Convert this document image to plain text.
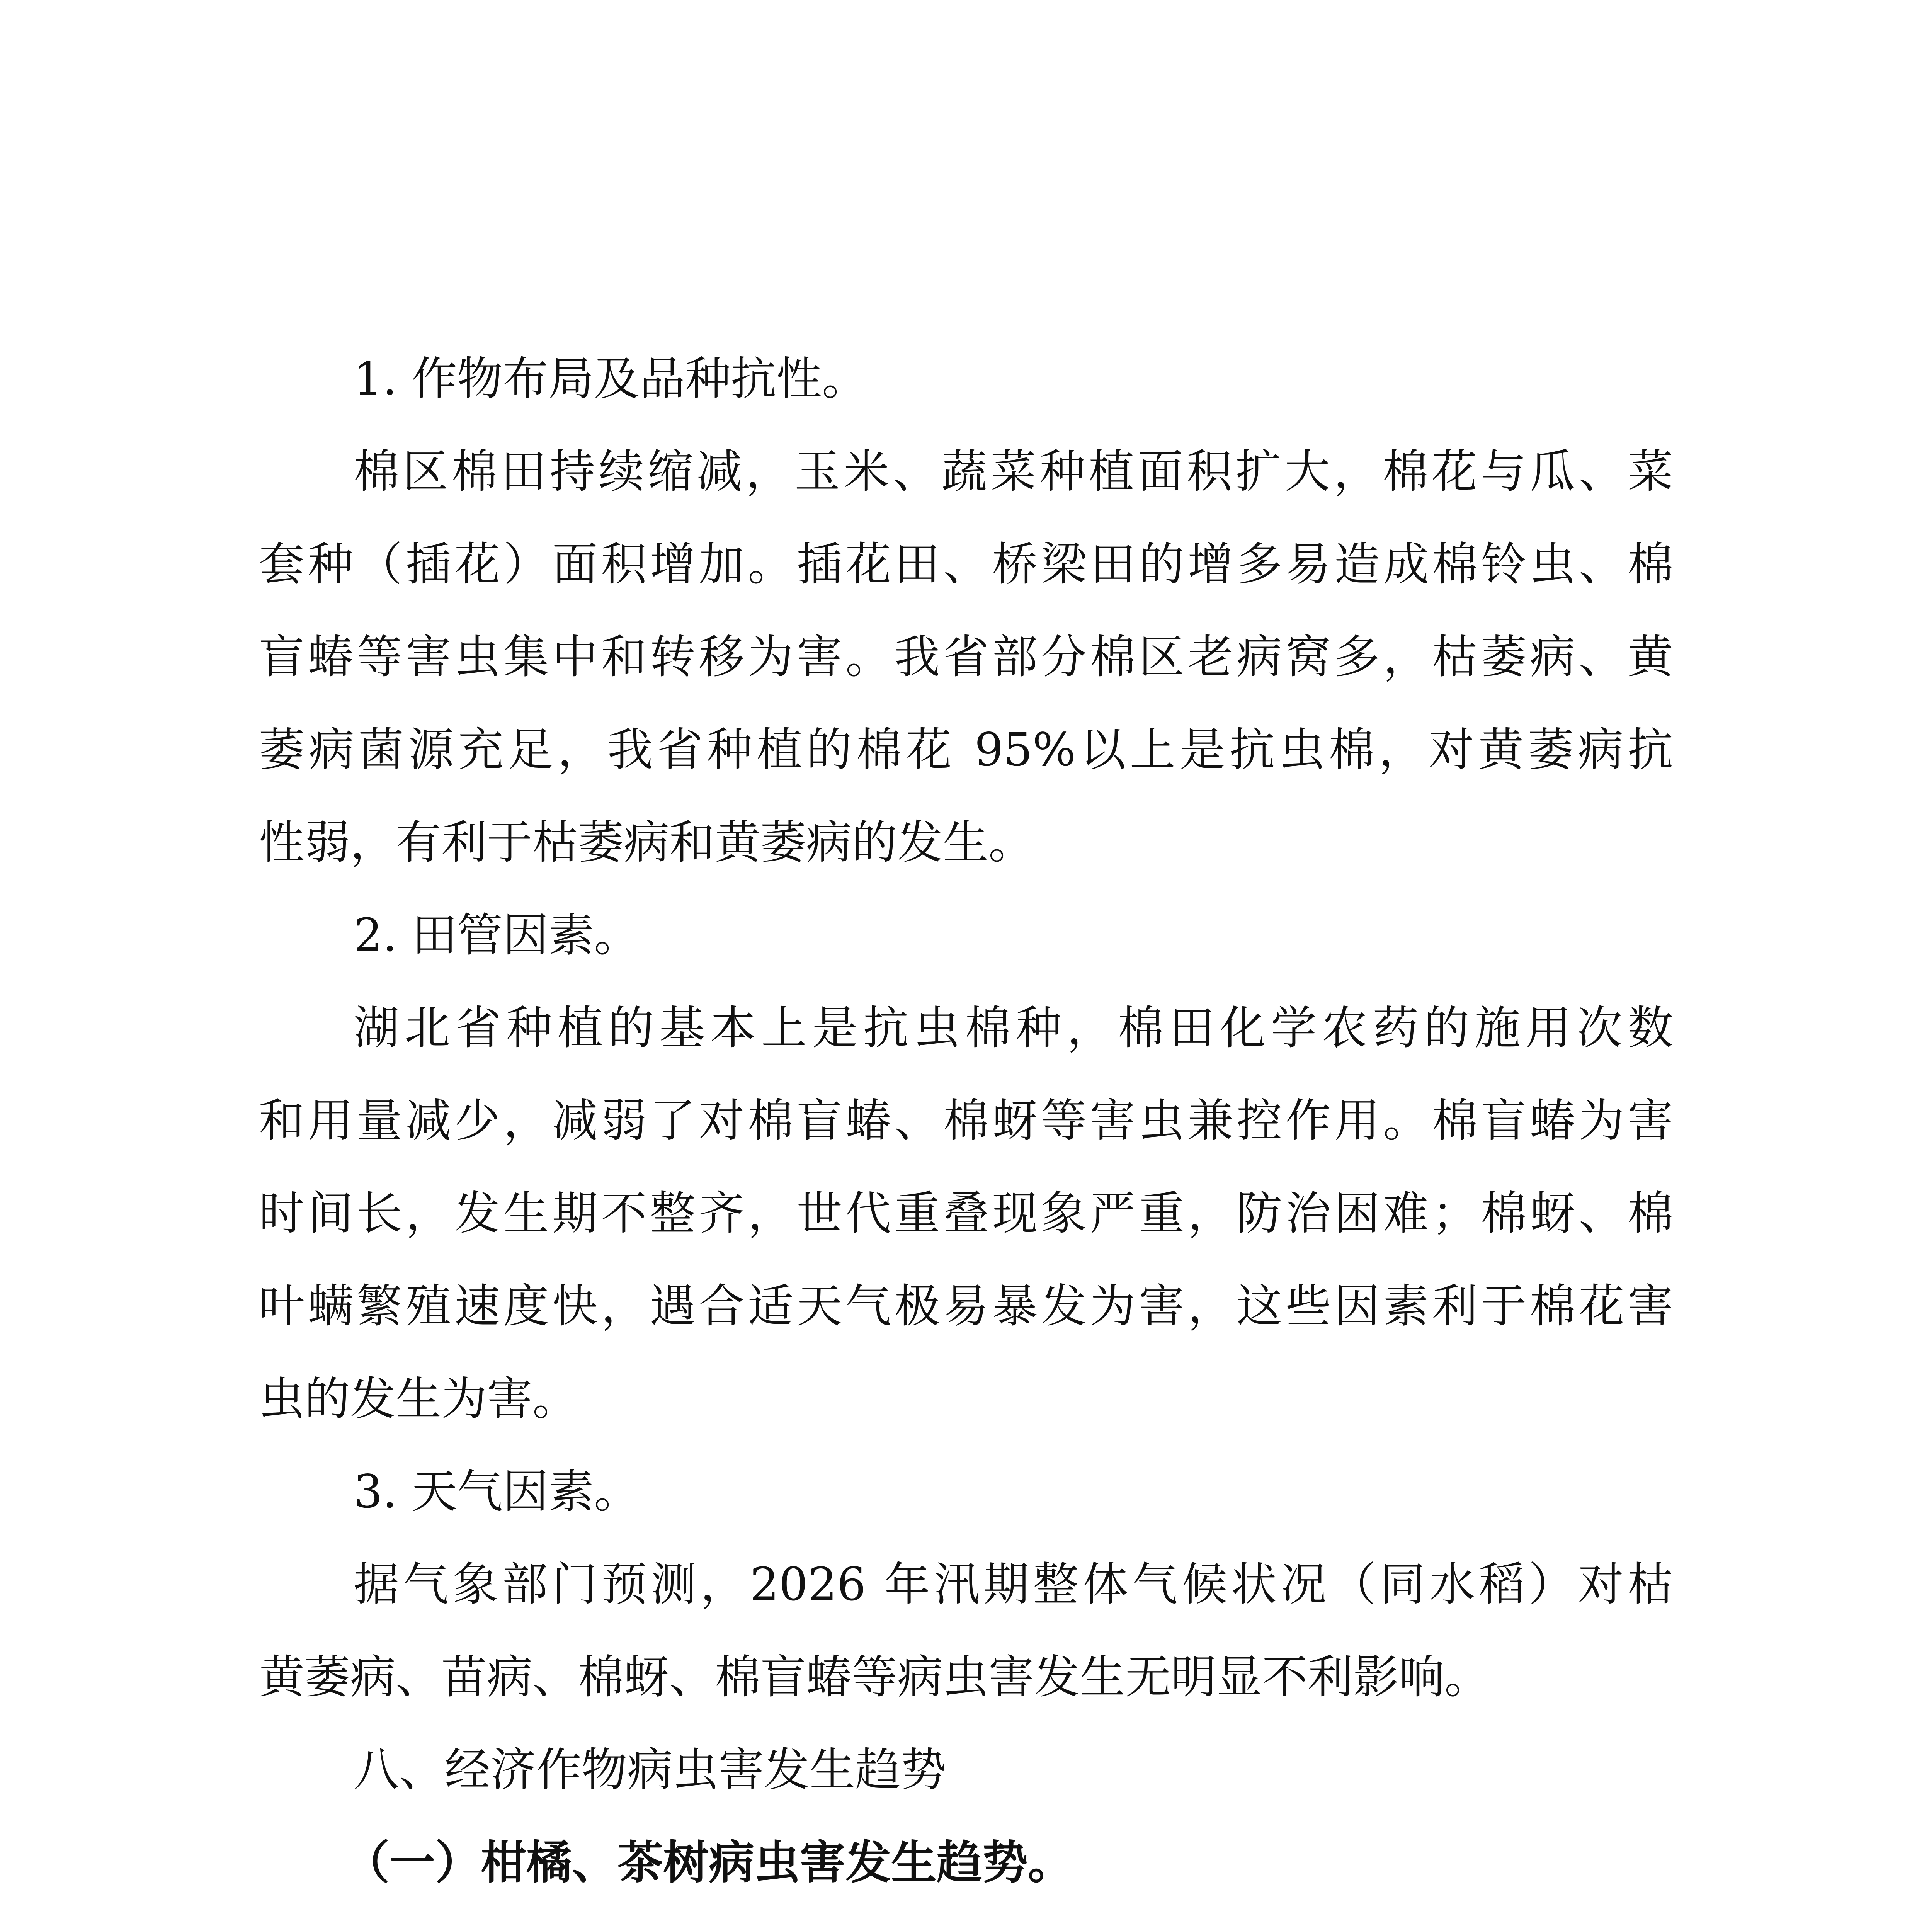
1. 作物布局及品种抗性。
棉区棉田持续缩减，玉米、蔬菜种植面积扩大，棉花与瓜、菜
套种（插花）面积增加。插花田、桥梁田的增多易造成棉铃虫、棉
盲蝽等害虫集中和转移为害。我省部分棉区老病窝多，枯萎病、黄
萎病菌源充足，我省种植的棉花 95%以上是抗虫棉，对黄萎病抗
性弱，有利于枯萎病和黄萎病的发生。
2. 田管因素。
湖北省种植的基本上是抗虫棉种，棉田化学农药的施用次数
和用量减少，减弱了对棉盲蝽、棉蚜等害虫兼控作用。棉盲蝽为害
时间长，发生期不整齐，世代重叠现象严重，防治困难；棉蚜、棉
叶螨繁殖速度快，遇合适天气极易暴发为害，这些因素利于棉花害
虫的发生为害。
3. 天气因素。
据气象部门预测，2026 年汛期整体气候状况（同水稻）对枯
黄萎病、苗病、棉蚜、棉盲蝽等病虫害发生无明显不利影响。
八、经济作物病虫害发生趋势
（一）柑橘、茶树病虫害发生趋势。
